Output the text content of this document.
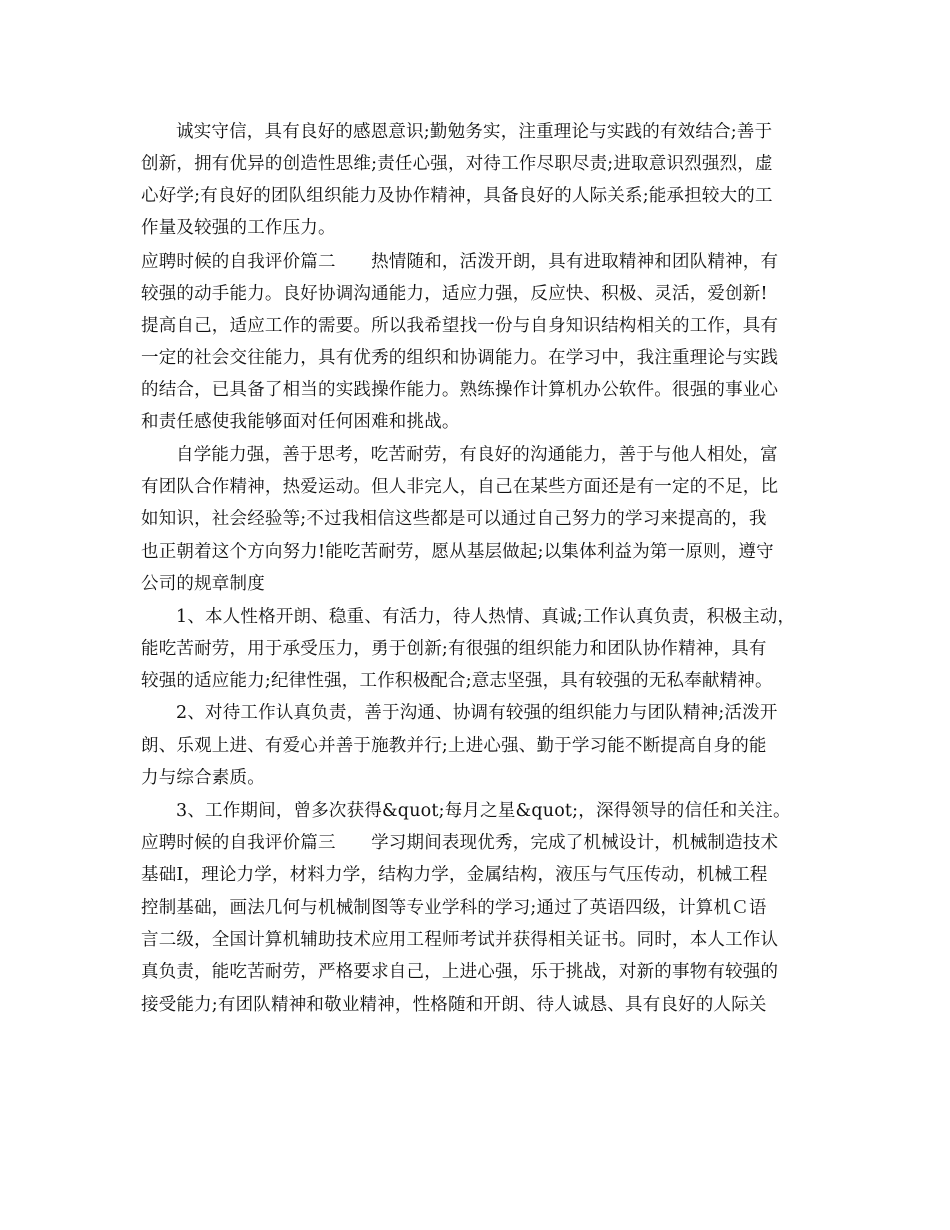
诚实守信，具有良好的感恩意识;勤勉务实，注重理论与实践的有效结合;善于
创新，拥有优异的创造性思维;责任心强，对待工作尽职尽责;进取意识烈强烈，虚
心好学;有良好的团队组织能力及协作精神，具备良好的人际关系;能承担较大的工
作量及较强的工作压力。
应聘时候的自我评价篇二　　热情随和，活泼开朗，具有进取精神和团队精神，有
较强的动手能力。良好协调沟通能力，适应力强，反应快、积极、灵活，爱创新!
提高自己，适应工作的需要。所以我希望找一份与自身知识结构相关的工作，具有
一定的社会交往能力，具有优秀的组织和协调能力。在学习中，我注重理论与实践
的结合，已具备了相当的实践操作能力。熟练操作计算机办公软件。很强的事业心
和责任感使我能够面对任何困难和挑战。
自学能力强，善于思考，吃苦耐劳，有良好的沟通能力，善于与他人相处，富
有团队合作精神，热爱运动。但人非完人，自己在某些方面还是有一定的不足，比
如知识，社会经验等;不过我相信这些都是可以通过自己努力的学习来提高的，我
也正朝着这个方向努力!能吃苦耐劳，愿从基层做起;以集体利益为第一原则，遵守
公司的规章制度
1、本人性格开朗、稳重、有活力，待人热情、真诚;工作认真负责，积极主动，
能吃苦耐劳，用于承受压力，勇于创新;有很强的组织能力和团队协作精神，具有
较强的适应能力;纪律性强，工作积极配合;意志坚强，具有较强的无私奉献精神。
2、对待工作认真负责，善于沟通、协调有较强的组织能力与团队精神;活泼开
朗、乐观上进、有爱心并善于施教并行;上进心强、勤于学习能不断提高自身的能
力与综合素质。
3、工作期间，曾多次获得&quot;每月之星&quot;，深得领导的信任和关注。
应聘时候的自我评价篇三　　学习期间表现优秀，完成了机械设计，机械制造技术
基础Ⅰ，理论力学，材料力学，结构力学，金属结构，液压与气压传动，机械工程
控制基础，画法几何与机械制图等专业学科的学习;通过了英语四级，计算机Ｃ语
言二级，全国计算机辅助技术应用工程师考试并获得相关证书。同时，本人工作认
真负责，能吃苦耐劳，严格要求自己，上进心强，乐于挑战，对新的事物有较强的
接受能力;有团队精神和敬业精神，性格随和开朗、待人诚恳、具有良好的人际关
